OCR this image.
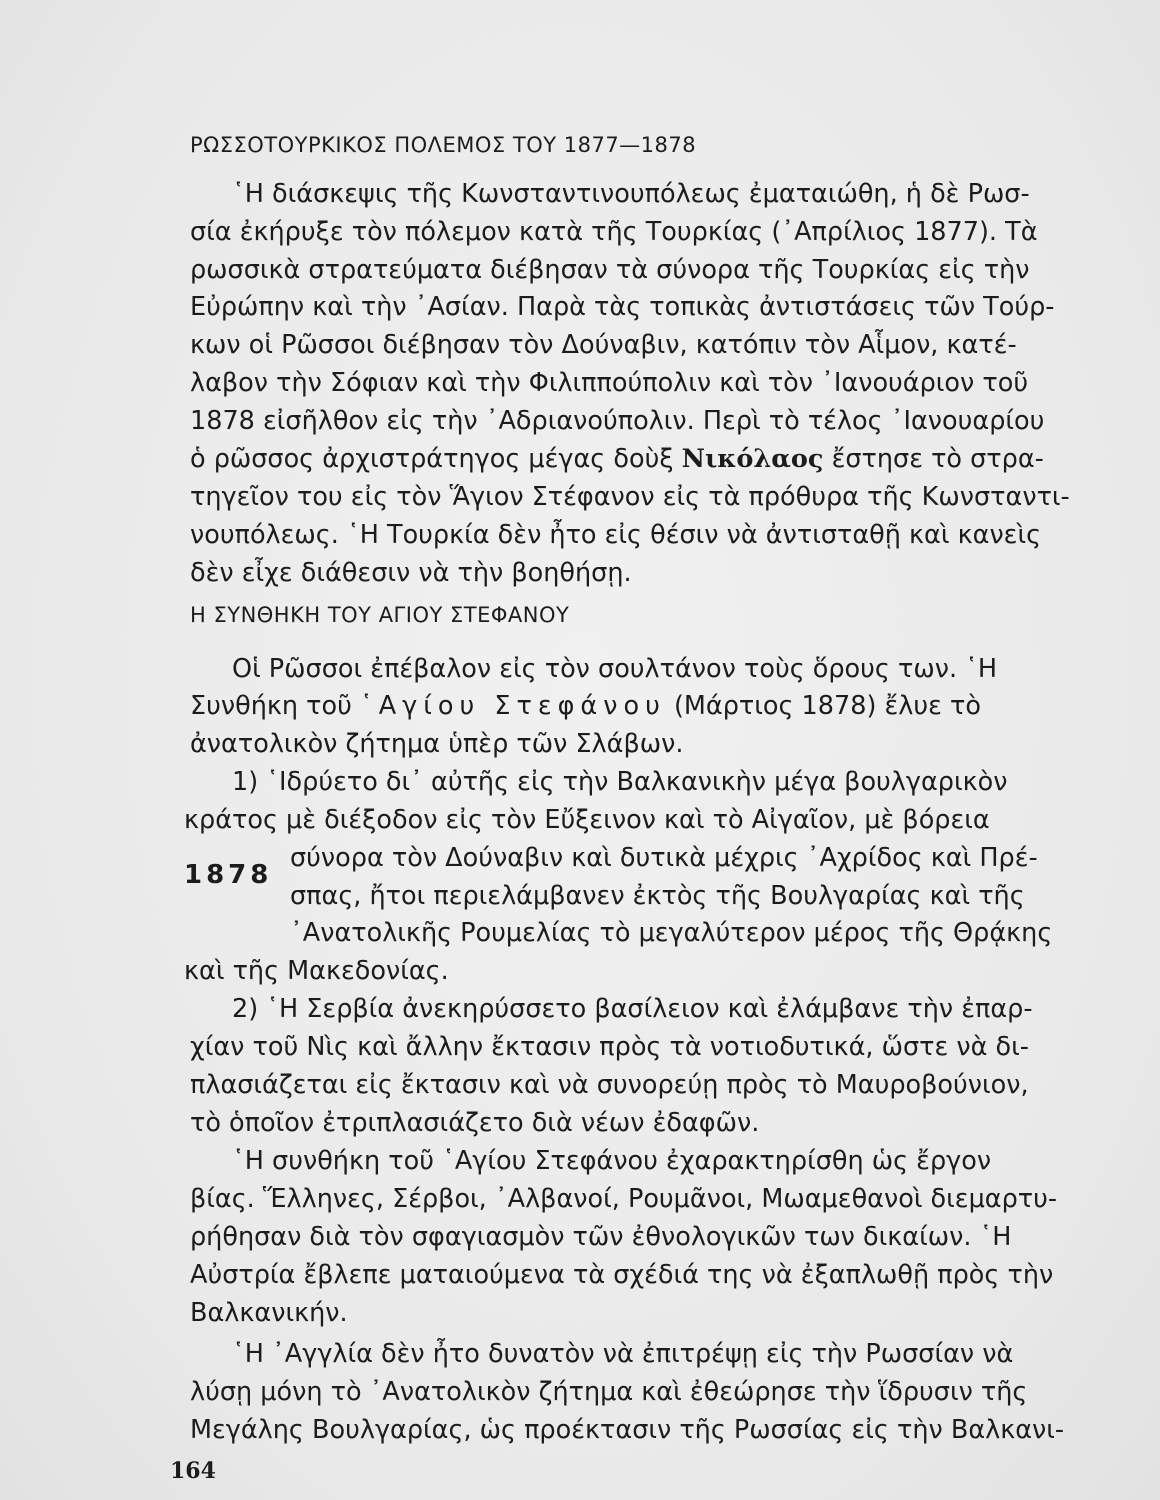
ΡΩΣΣΟΤΟΥΡΚΙΚΟΣ ΠΟΛΕΜΟΣ ΤΟΥ 1877—1878
῾Η διάσκεψις τῆς Κωνσταντινουπόλεως ἐματαιώθη, ἡ δὲ Ρωσ-
σία ἐκήρυξε τὸν πόλεμον κατὰ τῆς Τουρκίας (᾽Απρίλιος 1877). Τὰ
ρωσσικὰ στρατεύματα διέβησαν τὰ σύνορα τῆς Τουρκίας εἰς τὴν
Εὐρώπην καὶ τὴν ᾽Ασίαν. Παρὰ τὰς τοπικὰς ἀντιστάσεις τῶν Τούρ-
κων οἱ Ρῶσσοι διέβησαν τὸν Δούναβιν, κατόπιν τὸν Αἷμον, κατέ-
λαβον τὴν Σόφιαν καὶ τὴν Φιλιππούπολιν καὶ τὸν ᾽Ιανουάριον τοῦ
1878 εἰσῆλθον εἰς τὴν ᾽Αδριανούπολιν. Περὶ τὸ τέλος ᾽Ιανουαρίου
ὁ ρῶσσος ἀρχιστράτηγος μέγας δοὺξ Νικόλαος ἔστησε τὸ στρα-
τηγεῖον του εἰς τὸν Ἅγιον Στέφανον εἰς τὰ πρόθυρα τῆς Κωνσταντι-
νουπόλεως. ῾Η Τουρκία δὲν ἦτο εἰς θέσιν νὰ ἀντισταθῇ καὶ κανεὶς
δὲν εἶχε διάθεσιν νὰ τὴν βοηθήσῃ.
Η ΣΥΝΘΗΚΗ ΤΟΥ ΑΓΙΟΥ ΣΤΕΦΑΝΟΥ
Οἱ Ρῶσσοι ἐπέβαλον εἰς τὸν σουλτάνον τοὺς ὅρους των. ῾Η
Συνθήκη τοῦ ῾Αγίου Στεφάνου (Μάρτιος 1878) ἔλυε τὸ
ἀνατολικὸν ζήτημα ὑπὲρ τῶν Σλάβων.
1) ῾Ιδρύετο δι᾽ αὐτῆς εἰς τὴν Βαλκανικὴν μέγα βουλγαρικὸν
κράτος μὲ διέξοδον εἰς τὸν Εὔξεινον καὶ τὸ Αἰγαῖον, μὲ βόρεια
σύνορα τὸν Δούναβιν καὶ δυτικὰ μέχρις ᾽Αχρίδος καὶ Πρέ-
1878
σπας, ἤτοι περιελάμβανεν ἐκτὸς τῆς Βουλγαρίας καὶ τῆς
᾽Ανατολικῆς Ρουμελίας τὸ μεγαλύτερον μέρος τῆς Θρᾴκης
καὶ τῆς Μακεδονίας.
2) ῾Η Σερβία ἀνεκηρύσσετο βασίλειον καὶ ἐλάμβανε τὴν ἐπαρ-
χίαν τοῦ Νὶς καὶ ἄλλην ἔκτασιν πρὸς τὰ νοτιοδυτικά, ὥστε νὰ δι-
πλασιάζεται εἰς ἔκτασιν καὶ νὰ συνορεύῃ πρὸς τὸ Μαυροβούνιον,
τὸ ὁποῖον ἐτριπλασιάζετο διὰ νέων ἐδαφῶν.
῾Η συνθήκη τοῦ ῾Αγίου Στεφάνου ἐχαρακτηρίσθη ὡς ἔργον
βίας. Ἕλληνες, Σέρβοι, ᾽Αλβανοί, Ρουμᾶνοι, Μωαμεθανοὶ διεμαρτυ-
ρήθησαν διὰ τὸν σφαγιασμὸν τῶν ἐθνολογικῶν των δικαίων. ῾Η
Αὐστρία ἔβλεπε ματαιούμενα τὰ σχέδιά της νὰ ἐξαπλωθῇ πρὸς τὴν
Βαλκανικήν.
῾Η ᾽Αγγλία δὲν ἦτο δυνατὸν νὰ ἐπιτρέψῃ εἰς τὴν Ρωσσίαν νὰ
λύσῃ μόνη τὸ ᾽Ανατολικὸν ζήτημα καὶ ἐθεώρησε τὴν ἵδρυσιν τῆς
Μεγάλης Βουλγαρίας, ὡς προέκτασιν τῆς Ρωσσίας εἰς τὴν Βαλκανι-
164
